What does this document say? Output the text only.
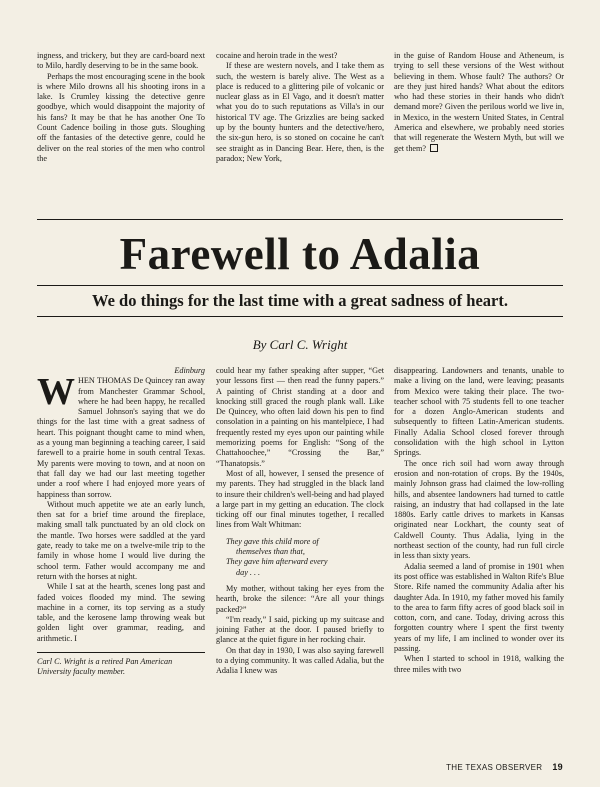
ingness, and trickery, but they are card-board next to Milo, hardly deserving to be in the same book.

Perhaps the most encouraging scene in the book is where Milo drowns all his shooting irons in a lake. Is Crumley kissing the detective genre goodbye, which would disappoint the majority of his fans? It may be that he has another One To Count Cadence boiling in those guts. Sloughing off the fantasies of the detective genre, could he deliver on the real stories of the men who control the

cocaine and heroin trade in the west?

If these are western novels, and I take them as such, the western is barely alive. The West as a place is reduced to a glittering pile of volcanic or nuclear glass as in El Vago, and it doesn't matter what you do to such reputations as Villa's in our historical TV age. The Grizzlies are being sacked up by the bounty hunters and the detective/hero, the six-gun hero, is so stoned on cocaine he can't see straight as in Dancing Bear. Here, then, is the paradox; New York,

in the guise of Random House and Atheneum, is trying to sell these versions of the West without believing in them. Whose fault? The authors? Or are they just hired hands? What about the editors who had these stories in their hands who didn't demand more? Given the perilous world we live in, in Mexico, in the western United States, in Central America and elsewhere, we probably need stories that will regenerate the Western Myth, but will we get them?

Farewell to Adalia
We do things for the last time with a great sadness of heart.
By Carl C. Wright

Edinburg

WHEN THOMAS De Quincey ran away from Manchester Grammar School, where he had been happy, he recalled Samuel Johnson's saying that we do things for the last time with a great sadness of heart. This poignant thought came to mind when, as a young man beginning a teaching career, I said farewell to a prairie home in south central Texas. My parents were moving to town, and at noon on that fall day we had our last meeting together under a roof where I had enjoyed more years of happiness than sorrow.

Without much appetite we ate an early lunch, then sat for a brief time around the fireplace, making small talk punctuated by an old clock on the mantle. Two horses were saddled at the yard gate, ready to take me on a twelve-mile trip to the family in whose home I would live during the school term. Father would accompany me and return with the horses at night.

While I sat at the hearth, scenes long past and faded voices flooded my mind. The sewing machine in a corner, its top serving as a study table, and the kerosene lamp throwing weak but golden light over grammar, reading, and arithmetic. I

Carl C. Wright is a retired Pan American University faculty member.

could hear my father speaking after supper, “Get your lessons first — then read the funny papers.” A painting of Christ standing at a door and knocking still graced the rough plank wall. Like De Quincey, who often laid down his pen to find consolation in a painting on his mantelpiece, I had frequently rested my eyes upon our painting while memorizing poems for English: “Song of the Chattahoochee,” “Crossing the Bar,” “Thanatopsis.”

Most of all, however, I sensed the presence of my parents. They had struggled in the black land to insure their children's well-being and had played a large part in my getting an education. The clock ticking off our final minutes together, I recalled lines from Walt Whitman:

They gave this child more of
themselves than that,
They gave him afterward every
day . . .

My mother, without taking her eyes from the hearth, broke the silence: “Are all your things packed?”

“I'm ready,” I said, picking up my suitcase and joining Father at the door. I paused briefly to glance at the quiet figure in her rocking chair.

On that day in 1930, I was also saying farewell to a dying community. It was called Adalia, but the Adalia I knew was

disappearing. Landowners and tenants, unable to make a living on the land, were leaving; peasants from Mexico were taking their place. The two-teacher school with 75 students fell to one teacher for a dozen Anglo-American students and subsequently to fifteen Latin-American students. Finally Adalia School closed forever through consolidation with the high school in Lytton Springs.

The once rich soil had worn away through erosion and non-rotation of crops. By the 1940s, mainly Johnson grass had claimed the low-rolling hills, and absentee landowners had turned to cattle raising, an industry that had collapsed in the late 1880s. Early cattle drives to markets in Kansas originated near Lockhart, the county seat of Caldwell County. Thus Adalia, lying in the northeast section of the county, had run full circle in less than sixty years.

Adalia seemed a land of promise in 1901 when its post office was established in Walton Rife's Blue Store. Rife named the community Adalia after his daughter Ada. In 1910, my father moved his family to the area to farm fifty acres of good black soil in cotton, corn, and cane. Today, driving across this forgotten country where I spent the first twenty years of my life, I am inclined to wonder over its passing.

When I started to school in 1918, walking the three miles with two

THE TEXAS OBSERVER 19
